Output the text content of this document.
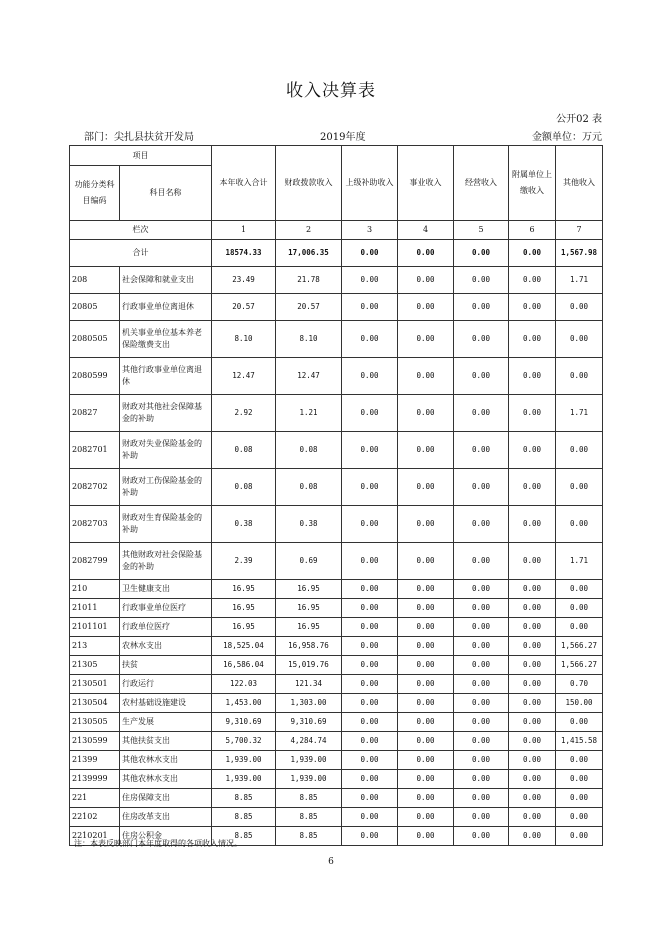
收入决算表
公开02 表
部门：尖扎县扶贫开发局	2019年度	金额单位：万元
项目		本年收入合计	财政拨款收入	上级补助收入	事业收入	经营收入	附属单位上缴收入	其他收入
功能分类科目编码	科目名称							
栏次		1	2	3	4	5	6	7
合计		18574.33	17,006.35	0.00	0.00	0.00	0.00	1,567.98
208	社会保障和就业支出	23.49	21.78	0.00	0.00	0.00	0.00	1.71
20805	行政事业单位离退休	20.57	20.57	0.00	0.00	0.00	0.00	0.00
2080505	机关事业单位基本养老保险缴费支出	8.10	8.10	0.00	0.00	0.00	0.00	0.00
2080599	其他行政事业单位离退休	12.47	12.47	0.00	0.00	0.00	0.00	0.00
20827	财政对其他社会保障基金的补助	2.92	1.21	0.00	0.00	0.00	0.00	1.71
2082701	财政对失业保险基金的补助	0.08	0.08	0.00	0.00	0.00	0.00	0.00
2082702	财政对工伤保险基金的补助	0.08	0.08	0.00	0.00	0.00	0.00	0.00
2082703	财政对生育保险基金的补助	0.38	0.38	0.00	0.00	0.00	0.00	0.00
2082799	其他财政对社会保险基金的补助	2.39	0.69	0.00	0.00	0.00	0.00	1.71
210	卫生健康支出	16.95	16.95	0.00	0.00	0.00	0.00	0.00
21011	行政事业单位医疗	16.95	16.95	0.00	0.00	0.00	0.00	0.00
2101101	行政单位医疗	16.95	16.95	0.00	0.00	0.00	0.00	0.00
213	农林水支出	18,525.04	16,958.76	0.00	0.00	0.00	0.00	1,566.27
21305	扶贫	16,586.04	15,019.76	0.00	0.00	0.00	0.00	1,566.27
2130501	行政运行	122.03	121.34	0.00	0.00	0.00	0.00	0.70
2130504	农村基础设施建设	1,453.00	1,303.00	0.00	0.00	0.00	0.00	150.00
2130505	生产发展	9,310.69	9,310.69	0.00	0.00	0.00	0.00	0.00
2130599	其他扶贫支出	5,700.32	4,284.74	0.00	0.00	0.00	0.00	1,415.58
21399	其他农林水支出	1,939.00	1,939.00	0.00	0.00	0.00	0.00	0.00
2139999	其他农林水支出	1,939.00	1,939.00	0.00	0.00	0.00	0.00	0.00
221	住房保障支出	8.85	8.85	0.00	0.00	0.00	0.00	0.00
22102	住房改革支出	8.85	8.85	0.00	0.00	0.00	0.00	0.00
2210201	住房公积金	8.85	8.85	0.00	0.00	0.00	0.00	0.00
注：本表反映部门本年度取得的各项收入情况。
6
